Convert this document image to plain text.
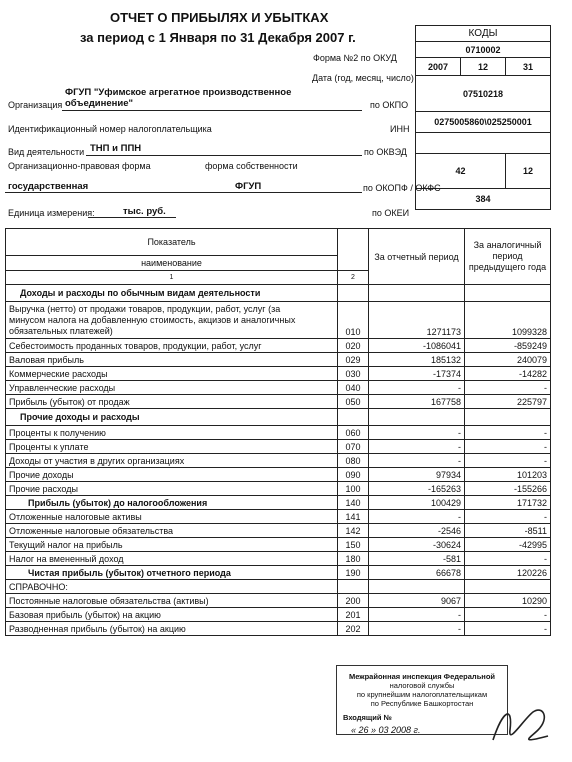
ОТЧЕТ О ПРИБЫЛЯХ И УБЫТКАХ
за период с 1 Января по 31 Декабря 2007 г.	КОДЫ		
0710002		
2007	12	31
07510218		
0275005860\025250001		

42		12
384		
Форма №2 по ОКУД
Дата (год, месяц, число)
Организация
ФГУП "Уфимское агрегатное производственное
объединение"	по ОКПО
Идентификационный номер налогоплательщика	ИНН
Вид деятельности ТНП и ППН	по ОКВЭД
Организационно-правовая форма	форма собственности
государственная	ФГУП	по ОКОПФ / ОКФС
Единица измерения:	тыс. руб.	по ОКЕИ
Показатель		За отчетный период	За аналогичный
период
предыдущего года	

наименование	
1	2		
Доходы и расходы по обычным видам деятельности				

Выручка (нетто) от продажи товаров, продукции, работ, услуг (за
минусом налога на добавленную стоимость, акцизов и аналогичных
обязательных платежей)	010	1271173	1099328	
Себестоимость проданных товаров, продукции, работ, услуг	020	-1086041	-859249	
Валовая прибыль	029	185132	240079	
Коммерческие расходы	030	-17374	-14282	
Управленческие расходы	040	-	-	
Прибыль (убыток) от продаж	050	167758	225797	
Прочие доходы и расходы				
Проценты к получению	060	-	-	
Проценты к уплате	070	-	-	
Доходы от участия в других организациях	080	-	-	
Прочие доходы	090	97934	101203	
Прочие расходы	100	-165263	-155266	
Прибыль (убыток) до налогообложения	140	100429	171732	
Отложенные налоговые активы	141	-	-	
Отложенные налоговые обязательства	142	-2546	-8511	
Текущий налог на прибыль	150	-30624	-42995	
Налог на вмененный доход	180	-581	-	
Чистая прибыль (убыток) отчетного периода	190	66678	120226	
СПРАВОЧНО:				
Постоянные налоговые обязательства (активы)	200	9067	10290	
Базовая прибыль (убыток) на акцию	201	-	-	
Разводненная прибыль (убыток) на акцию	202	-	-	
Межрайонная инспекция Федеральной
налоговой службы
по крупнейшим налогоплательщикам
по Республике Башкортостан
Входящий №
« 26 » 03 2008 г.
